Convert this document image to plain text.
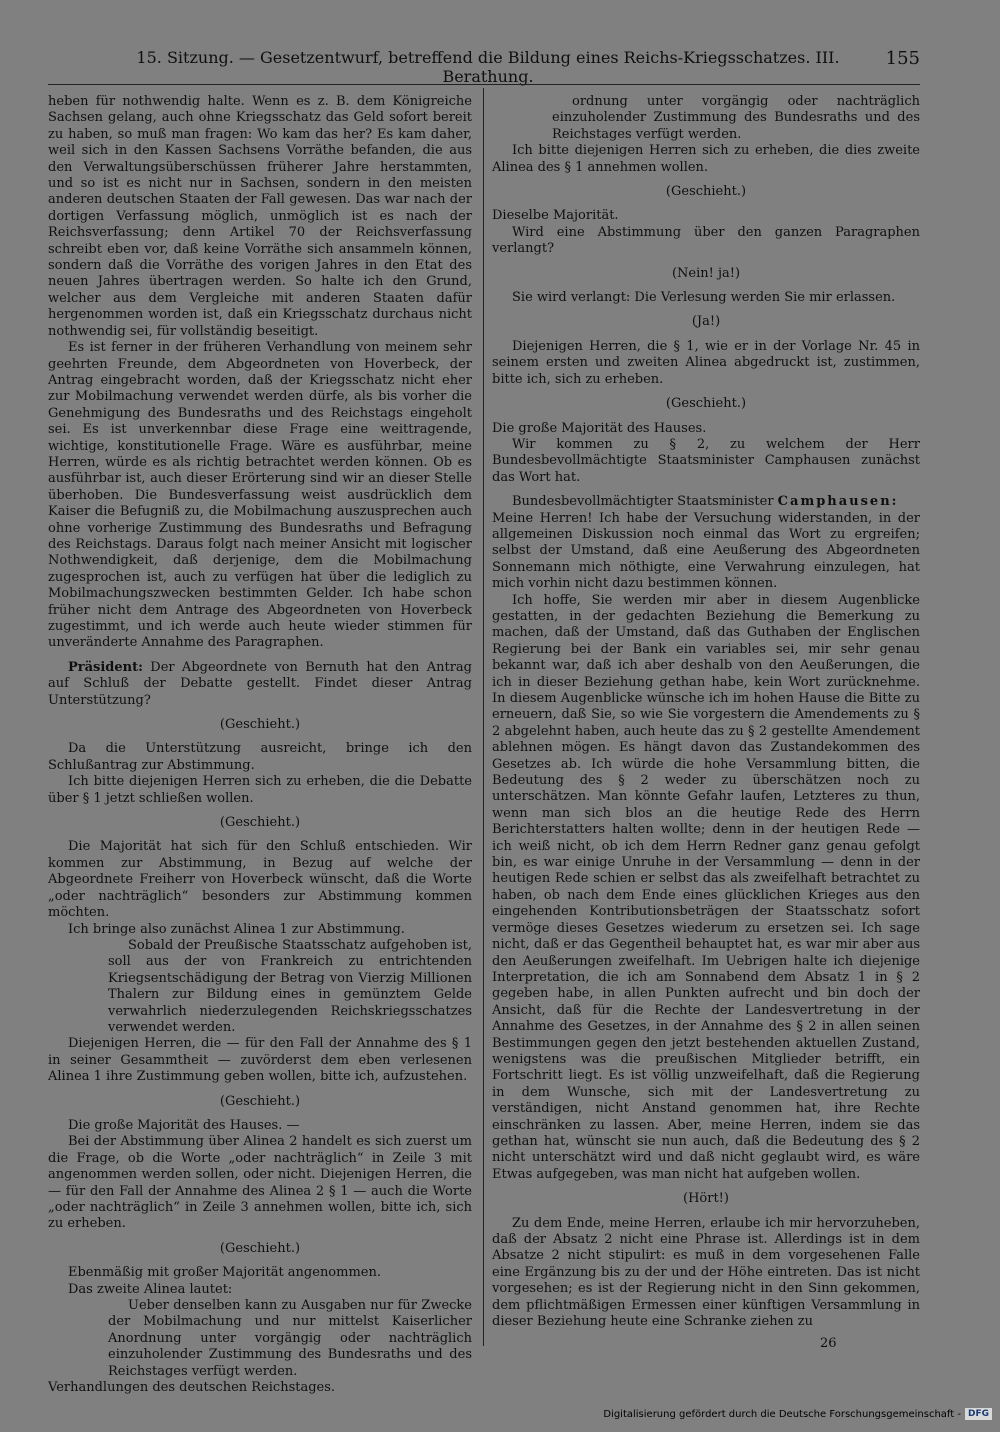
15. Sitzung. — Gesetzentwurf, betreffend die Bildung eines Reichs-Kriegsschatzes. III. Berathung.
155

heben für nothwendig halte. Wenn es z. B. dem Königreiche Sachsen gelang, auch ohne Kriegsschatz das Geld sofort bereit zu haben, so muß man fragen: Wo kam das her? Es kam daher, weil sich in den Kassen Sachsens Vorräthe befanden, die aus den Verwaltungsüberschüssen früherer Jahre herstammten, und so ist es nicht nur in Sachsen, sondern in den meisten anderen deutschen Staaten der Fall gewesen. Das war nach der dortigen Verfassung möglich, unmöglich ist es nach der Reichsverfassung; denn Artikel 70 der Reichsverfassung schreibt eben vor, daß keine Vorräthe sich ansammeln können, sondern daß die Vorräthe des vorigen Jahres in den Etat des neuen Jahres übertragen werden. So halte ich den Grund, welcher aus dem Vergleiche mit anderen Staaten dafür hergenommen worden ist, daß ein Kriegsschatz durchaus nicht nothwendig sei, für vollständig beseitigt.

Es ist ferner in der früheren Verhandlung von meinem sehr geehrten Freunde, dem Abgeordneten von Hoverbeck, der Antrag eingebracht worden, daß der Kriegsschatz nicht eher zur Mobilmachung verwendet werden dürfe, als bis vorher die Genehmigung des Bundesraths und des Reichstags eingeholt sei. Es ist unverkennbar diese Frage eine weittragende, wichtige, konstitutionelle Frage. Wäre es ausführbar, meine Herren, würde es als richtig betrachtet werden können. Ob es ausführbar ist, auch dieser Erörterung sind wir an dieser Stelle überhoben. Die Bundesverfassung weist ausdrücklich dem Kaiser die Befugniß zu, die Mobilmachung auszusprechen auch ohne vorherige Zustimmung des Bundesraths und Befragung des Reichstags. Daraus folgt nach meiner Ansicht mit logischer Nothwendigkeit, daß derjenige, dem die Mobilmachung zugesprochen ist, auch zu verfügen hat über die lediglich zu Mobilmachungszwecken bestimmten Gelder. Ich habe schon früher nicht dem Antrage des Abgeordneten von Hoverbeck zugestimmt, und ich werde auch heute wieder stimmen für unveränderte Annahme des Paragraphen.

Präsident: Der Abgeordnete von Bernuth hat den Antrag auf Schluß der Debatte gestellt. Findet dieser Antrag Unterstützung?

(Geschieht.)

Da die Unterstützung ausreicht, bringe ich den Schlußantrag zur Abstimmung.

Ich bitte diejenigen Herren sich zu erheben, die die Debatte über § 1 jetzt schließen wollen.

(Geschieht.)

Die Majorität hat sich für den Schluß entschieden. Wir kommen zur Abstimmung, in Bezug auf welche der Abgeordnete Freiherr von Hoverbeck wünscht, daß die Worte „oder nachträglich“ besonders zur Abstimmung kommen möchten.

Ich bringe also zunächst Alinea 1 zur Abstimmung.

Sobald der Preußische Staatsschatz aufgehoben ist, soll aus der von Frankreich zu entrichtenden Kriegsentschädigung der Betrag von Vierzig Millionen Thalern zur Bildung eines in gemünztem Gelde verwahrlich niederzulegenden Reichskriegsschatzes verwendet werden.

Diejenigen Herren, die — für den Fall der Annahme des § 1 in seiner Gesammtheit — zuvörderst dem eben verlesenen Alinea 1 ihre Zustimmung geben wollen, bitte ich, aufzustehen.

(Geschieht.)

Die große Majorität des Hauses. —

Bei der Abstimmung über Alinea 2 handelt es sich zuerst um die Frage, ob die Worte „oder nachträglich“ in Zeile 3 mit angenommen werden sollen, oder nicht. Diejenigen Herren, die — für den Fall der Annahme des Alinea 2 § 1 — auch die Worte „oder nachträglich“ in Zeile 3 annehmen wollen, bitte ich, sich zu erheben.

(Geschieht.)

Ebenmäßig mit großer Majorität angenommen.

Das zweite Alinea lautet:

Ueber denselben kann zu Ausgaben nur für Zwecke der Mobilmachung und nur mittelst Kaiserlicher Anordnung unter vorgängig oder nachträglich einzuholender Zustimmung des Bundesraths und des Reichstages verfügt werden.

Verhandlungen des deutschen Reichstages.

ordnung unter vorgängig oder nachträglich einzuholender Zustimmung des Bundesraths und des Reichstages verfügt werden.

Ich bitte diejenigen Herren sich zu erheben, die dies zweite Alinea des § 1 annehmen wollen.

(Geschieht.)

Dieselbe Majorität.

Wird eine Abstimmung über den ganzen Paragraphen verlangt?

(Nein! ja!)

Sie wird verlangt: Die Verlesung werden Sie mir erlassen.

(Ja!)

Diejenigen Herren, die § 1, wie er in der Vorlage Nr. 45 in seinem ersten und zweiten Alinea abgedruckt ist, zustimmen, bitte ich, sich zu erheben.

(Geschieht.)

Die große Majorität des Hauses.

Wir kommen zu § 2, zu welchem der Herr Bundesbevollmächtigte Staatsminister Camphausen zunächst das Wort hat.

Bundesbevollmächtigter Staatsminister Camphausen:

Meine Herren! Ich habe der Versuchung widerstanden, in der allgemeinen Diskussion noch einmal das Wort zu ergreifen; selbst der Umstand, daß eine Aeußerung des Abgeordneten Sonnemann mich nöthigte, eine Verwahrung einzulegen, hat mich vorhin nicht dazu bestimmen können.

Ich hoffe, Sie werden mir aber in diesem Augenblicke gestatten, in der gedachten Beziehung die Bemerkung zu machen, daß der Umstand, daß das Guthaben der Englischen Regierung bei der Bank ein variables sei, mir sehr genau bekannt war, daß ich aber deshalb von den Aeußerungen, die ich in dieser Beziehung gethan habe, kein Wort zurücknehme. In diesem Augenblicke wünsche ich im hohen Hause die Bitte zu erneuern, daß Sie, so wie Sie vorgestern die Amendements zu § 2 abgelehnt haben, auch heute das zu § 2 gestellte Amendement ablehnen mögen. Es hängt davon das Zustandekommen des Gesetzes ab. Ich würde die hohe Versammlung bitten, die Bedeutung des § 2 weder zu überschätzen noch zu unterschätzen. Man könnte Gefahr laufen, Letzteres zu thun, wenn man sich blos an die heutige Rede des Herrn Berichterstatters halten wollte; denn in der heutigen Rede — ich weiß nicht, ob ich dem Herrn Redner ganz genau gefolgt bin, es war einige Unruhe in der Versammlung — denn in der heutigen Rede schien er selbst das als zweifelhaft betrachtet zu haben, ob nach dem Ende eines glücklichen Krieges aus den eingehenden Kontributionsbeträgen der Staatsschatz sofort vermöge dieses Gesetzes wiederum zu ersetzen sei. Ich sage nicht, daß er das Gegentheil behauptet hat, es war mir aber aus den Aeußerungen zweifelhaft. Im Uebrigen halte ich diejenige Interpretation, die ich am Sonnabend dem Absatz 1 in § 2 gegeben habe, in allen Punkten aufrecht und bin doch der Ansicht, daß für die Rechte der Landesvertretung in der Annahme des Gesetzes, in der Annahme des § 2 in allen seinen Bestimmungen gegen den jetzt bestehenden aktuellen Zustand, wenigstens was die preußischen Mitglieder betrifft, ein Fortschritt liegt. Es ist völlig unzweifelhaft, daß die Regierung in dem Wunsche, sich mit der Landesvertretung zu verständigen, nicht Anstand genommen hat, ihre Rechte einschränken zu lassen. Aber, meine Herren, indem sie das gethan hat, wünscht sie nun auch, daß die Bedeutung des § 2 nicht unterschätzt wird und daß nicht geglaubt wird, es wäre Etwas aufgegeben, was man nicht hat aufgeben wollen.

(Hört!)

Zu dem Ende, meine Herren, erlaube ich mir hervorzuheben, daß der Absatz 2 nicht eine Phrase ist. Allerdings ist in dem Absatze 2 nicht stipulirt: es muß in dem vorgesehenen Falle eine Ergänzung bis zu der und der Höhe eintreten. Das ist nicht vorgesehen; es ist der Regierung nicht in den Sinn gekommen, dem pflichtmäßigen Ermessen einer künftigen Versammlung in dieser Beziehung heute eine Schranke ziehen zu

26
Digitalisierung gefördert durch die Deutsche Forschungsgemeinschaft - DFG
